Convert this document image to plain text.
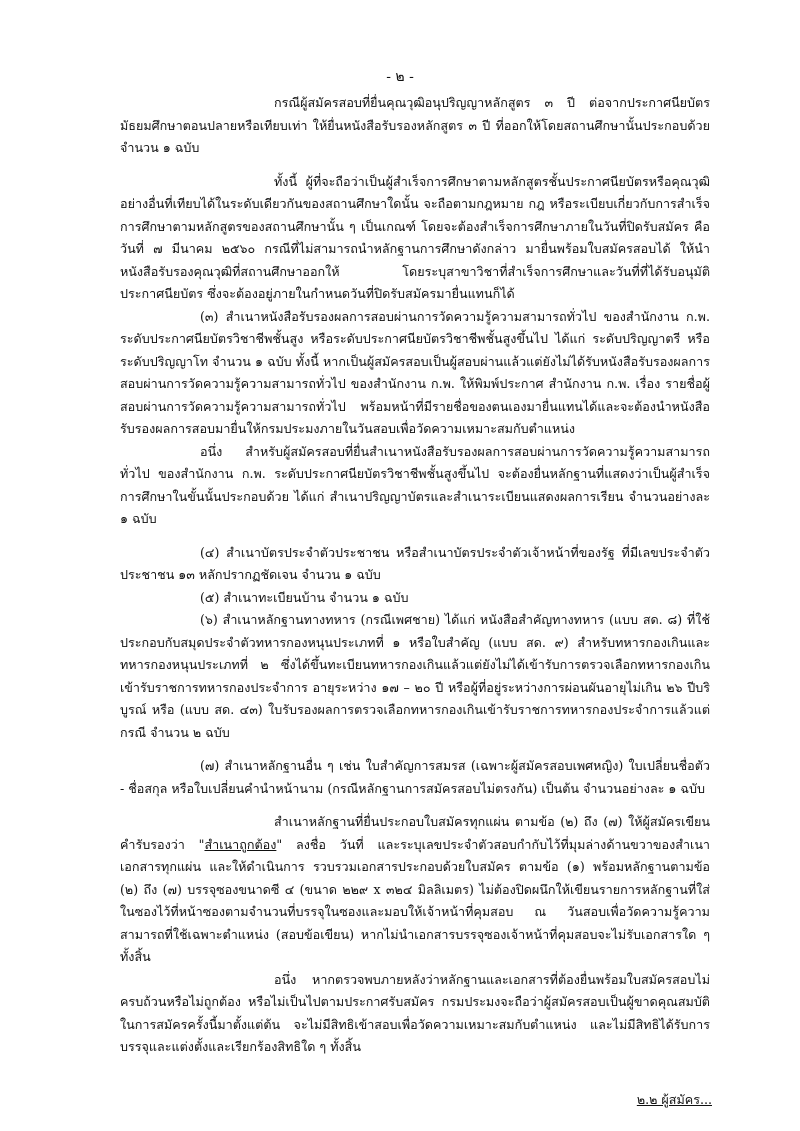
- ๒ -

กรณีผู้สมัครสอบที่ยื่นคุณวุฒิอนุปริญญาหลักสูตร ๓ ปี ต่อจากประกาศนียบัตรมัธยมศึกษาตอนปลายหรือเทียบเท่า ให้ยื่นหนังสือรับรองหลักสูตร ๓ ปี ที่ออกให้โดยสถานศึกษานั้นประกอบด้วย จำนวน ๑ ฉบับ

ทั้งนี้ ผู้ที่จะถือว่าเป็นผู้สำเร็จการศึกษาตามหลักสูตรชั้นประกาศนียบัตรหรือคุณวุฒิอย่างอื่นที่เทียบได้ในระดับเดียวกันของสถานศึกษาใดนั้น จะถือตามกฎหมาย กฎ หรือระเบียบเกี่ยวกับการสำเร็จการศึกษาตามหลักสูตรของสถานศึกษานั้น ๆ เป็นเกณฑ์ โดยจะต้องสำเร็จการศึกษาภายในวันที่ปิดรับสมัคร คือ วันที่ ๗ มีนาคม ๒๕๖๐ กรณีที่ไม่สามารถนำหลักฐานการศึกษาดังกล่าว มายื่นพร้อมใบสมัครสอบได้ ให้นำหนังสือรับรองคุณวุฒิที่สถานศึกษาออกให้ โดยระบุสาขาวิชาที่สำเร็จการศึกษาและวันที่ที่ได้รับอนุมัติประกาศนียบัตร ซึ่งจะต้องอยู่ภายในกำหนดวันที่ปิดรับสมัครมายื่นแทนก็ได้

(๓) สำเนาหนังสือรับรองผลการสอบผ่านการวัดความรู้ความสามารถทั่วไป ของสำนักงาน ก.พ. ระดับประกาศนียบัตรวิชาชีพชั้นสูง หรือระดับประกาศนียบัตรวิชาชีพชั้นสูงขึ้นไป ได้แก่ ระดับปริญญาตรี หรือระดับปริญญาโท จำนวน ๑ ฉบับ ทั้งนี้ หากเป็นผู้สมัครสอบเป็นผู้สอบผ่านแล้วแต่ยังไม่ได้รับหนังสือรับรองผลการสอบผ่านการวัดความรู้ความสามารถทั่วไป ของสำนักงาน ก.พ. ให้พิมพ์ประกาศ สำนักงาน ก.พ. เรื่อง รายชื่อผู้สอบผ่านการวัดความรู้ความสามารถทั่วไป พร้อมหน้าที่มีรายชื่อของตนเองมายื่นแทนได้และจะต้องนำหนังสือรับรองผลการสอบมายื่นให้กรมประมงภายในวันสอบเพื่อวัดความเหมาะสมกับตำแหน่ง

อนึ่ง สำหรับผู้สมัครสอบที่ยื่นสำเนาหนังสือรับรองผลการสอบผ่านการวัดความรู้ความสามารถทั่วไป ของสำนักงาน ก.พ. ระดับประกาศนียบัตรวิชาชีพชั้นสูงขึ้นไป จะต้องยื่นหลักฐานที่แสดงว่าเป็นผู้สำเร็จการศึกษาในขั้นนั้นประกอบด้วย ได้แก่ สำเนาปริญญาบัตรและสำเนาระเบียนแสดงผลการเรียน จำนวนอย่างละ ๑ ฉบับ

(๔) สำเนาบัตรประจำตัวประชาชน หรือสำเนาบัตรประจำตัวเจ้าหน้าที่ของรัฐ ที่มีเลขประจำตัวประชาชน ๑๓ หลักปรากฏชัดเจน จำนวน ๑ ฉบับ

(๕) สำเนาทะเบียนบ้าน จำนวน ๑ ฉบับ

(๖) สำเนาหลักฐานทางทหาร (กรณีเพศชาย) ได้แก่ หนังสือสำคัญทางทหาร (แบบ สด. ๘) ที่ใช้ประกอบกับสมุดประจำตัวทหารกองหนุนประเภทที่ ๑ หรือใบสำคัญ (แบบ สด. ๙) สำหรับทหารกองเกินและทหารกองหนุนประเภทที่ ๒ ซึ่งได้ขึ้นทะเบียนทหารกองเกินแล้วแต่ยังไม่ได้เข้ารับการตรวจเลือกทหารกองเกินเข้ารับราชการทหารกองประจำการ อายุระหว่าง ๑๗ – ๒๐ ปี หรือผู้ที่อยู่ระหว่างการผ่อนผันอายุไม่เกิน ๒๖ ปีบริบูรณ์ หรือ (แบบ สด. ๔๓) ใบรับรองผลการตรวจเลือกทหารกองเกินเข้ารับราชการทหารกองประจำการแล้วแต่กรณี จำนวน ๒ ฉบับ

(๗) สำเนาหลักฐานอื่น ๆ เช่น ใบสำคัญการสมรส (เฉพาะผู้สมัครสอบเพศหญิง) ใบเปลี่ยนชื่อตัว - ชื่อสกุล หรือใบเปลี่ยนคำนำหน้านาม (กรณีหลักฐานการสมัครสอบไม่ตรงกัน) เป็นต้น จำนวนอย่างละ ๑ ฉบับ

สำเนาหลักฐานที่ยื่นประกอบใบสมัครทุกแผ่น ตามข้อ (๒) ถึง (๗) ให้ผู้สมัครเขียนคำรับรองว่า "สำเนาถูกต้อง" ลงชื่อ วันที่ และระบุเลขประจำตัวสอบกำกับไว้ที่มุมล่างด้านขวาของสำเนาเอกสารทุกแผ่น และให้ดำเนินการ รวบรวมเอกสารประกอบด้วยใบสมัคร ตามข้อ (๑) พร้อมหลักฐานตามข้อ (๒) ถึง (๗) บรรจุซองขนาดซี ๔ (ขนาด ๒๒๙ x ๓๒๔ มิลลิเมตร) ไม่ต้องปิดผนึกให้เขียนรายการหลักฐานที่ใส่ในซองไว้ที่หน้าซองตามจำนวนที่บรรจุในซองและมอบให้เจ้าหน้าที่คุมสอบ ณ วันสอบเพื่อวัดความรู้ความสามารถที่ใช้เฉพาะตำแหน่ง (สอบข้อเขียน) หากไม่นำเอกสารบรรจุซองเจ้าหน้าที่คุมสอบจะไม่รับเอกสารใด ๆ ทั้งสิ้น

อนึ่ง หากตรวจพบภายหลังว่าหลักฐานและเอกสารที่ต้องยื่นพร้อมใบสมัครสอบไม่ครบถ้วนหรือไม่ถูกต้อง หรือไม่เป็นไปตามประกาศรับสมัคร กรมประมงจะถือว่าผู้สมัครสอบเป็นผู้ขาดคุณสมบัติในการสมัครครั้งนี้มาตั้งแต่ต้น จะไม่มีสิทธิเข้าสอบเพื่อวัดความเหมาะสมกับตำแหน่ง และไม่มีสิทธิได้รับการบรรจุและแต่งตั้งและเรียกร้องสิทธิใด ๆ ทั้งสิ้น

๒.๒ ผู้สมัคร...
